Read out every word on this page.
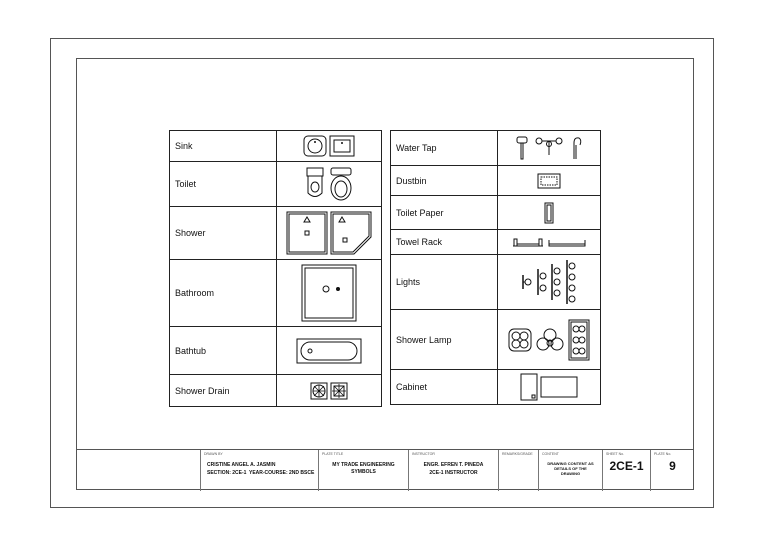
Sink	
Toilet	
Shower	
Bathroom	
Bathtub	
Shower Drain	
Water Tap	
Dustbin	
Toilet Paper	
Towel Rack	
Lights	
Shower Lamp	
Cabinet	
DRAWN BY
CRISTINE ANGEL A. JASMIN
SECTION: 2CE-1 YEAR-COURSE: 2ND BSCE
PLATE TITLE
MY TRADE ENGINEERING SYMBOLS
INSTRUCTOR
ENGR. EFREN T. PINEDA
2CE-1 INSTRUCTOR
REMARKS/GRADE	CONTENT
DRAWING CONTENT AS DETAILS OF THE DRAWING
SHEET No.
2CE-1
PLATE No.
9
